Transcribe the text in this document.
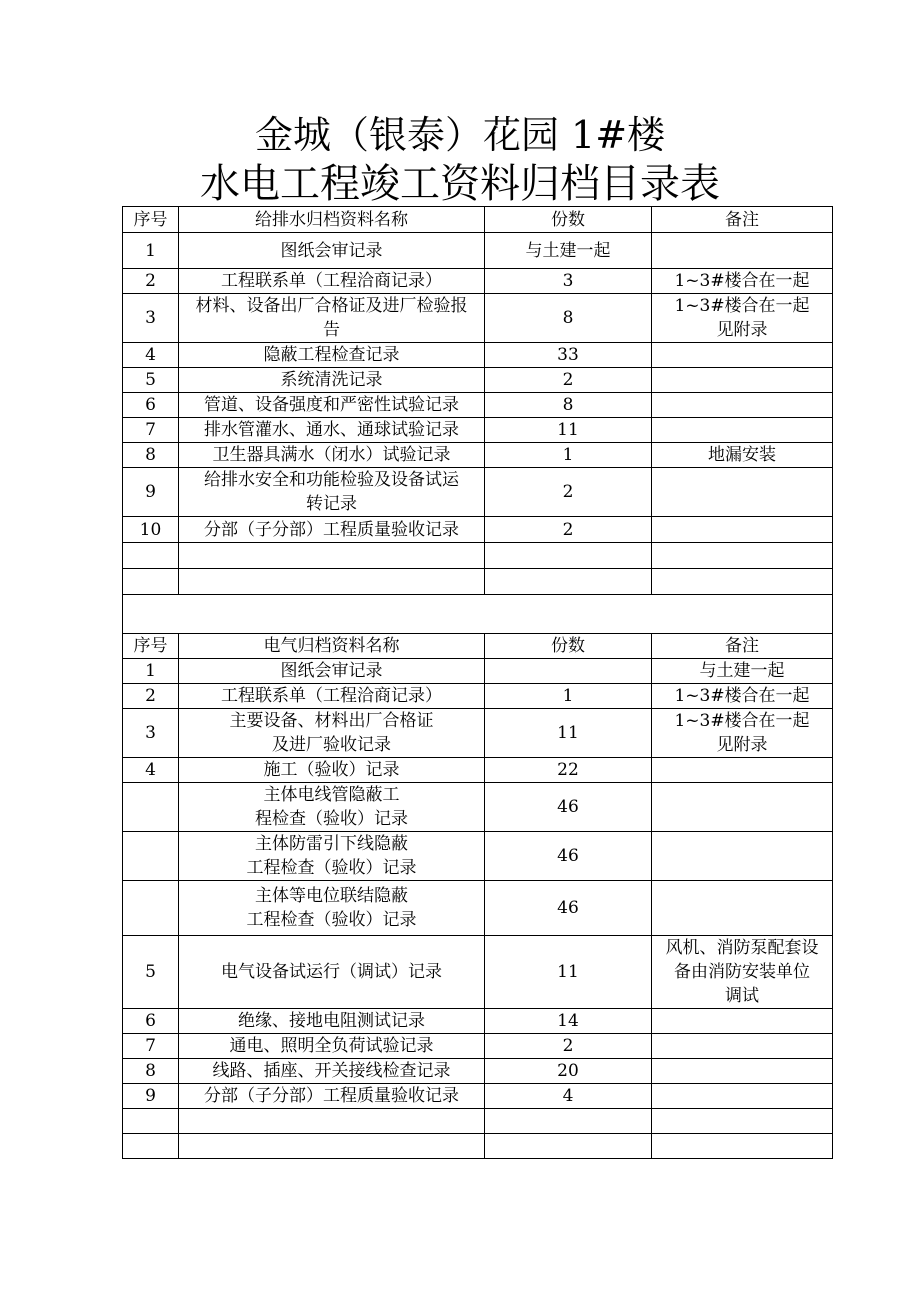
金城（银泰）花园 1#楼
水电工程竣工资料归档目录表
序号	给排水归档资料名称	份数	备注
1	图纸会审记录	与土建一起	
2	工程联系单（工程洽商记录）	3	1~3#楼合在一起

3	材料、设备出厂合格证及进厂检验报
告	8	1~3#楼合在一起
见附录

4	隐蔽工程检查记录	33	
5	系统清洗记录	2	
6	管道、设备强度和严密性试验记录	8	
7	排水管灌水、通水、通球试验记录	11	
8	卫生器具满水（闭水）试验记录	1	地漏安装

9	给排水安全和功能检验及设备试运
转记录	2	
10	分部（子分部）工程质量验收记录	2	

序号	电气归档资料名称	份数	备注
1	图纸会审记录		与土建一起

2	工程联系单（工程洽商记录）	1	1~3#楼合在一起

3	主要设备、材料出厂合格证
及进厂验收记录	11	1~3#楼合在一起
见附录

4	施工（验收）记录	22	

	主体电线管隐蔽工
程检查（验收）记录	46	

	主体防雷引下线隐蔽
工程检查（验收）记录	46	

	主体等电位联结隐蔽
工程检查（验收）记录	46	
5	电气设备试运行（调试）记录	11	风机、消防泵配套设
备由消防安装单位
调试

6	绝缘、接地电阻测试记录	14	
7	通电、照明全负荷试验记录	2	
8	线路、插座、开关接线检查记录	20	
9	分部（子分部）工程质量验收记录	4	
